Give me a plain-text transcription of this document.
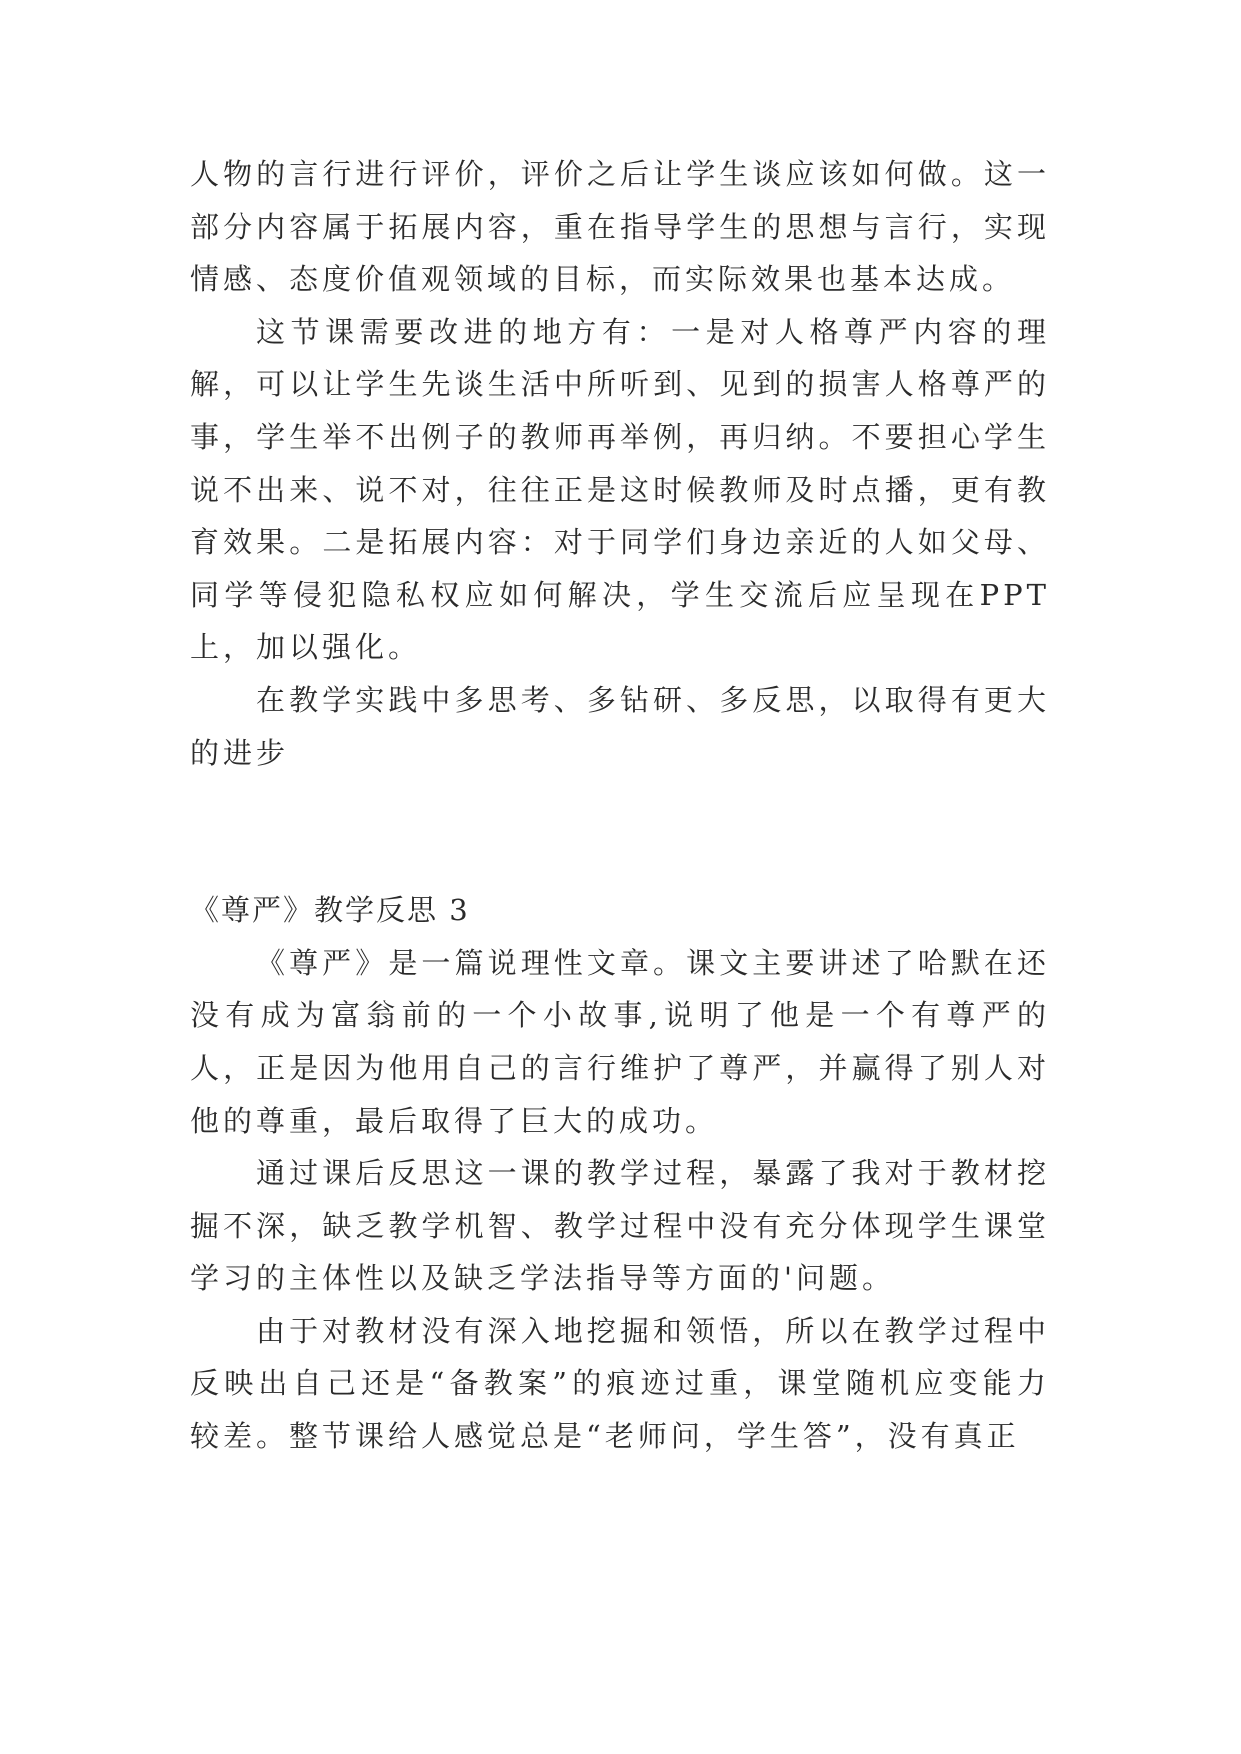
人物的言行进行评价，评价之后让学生谈应该如何做。这一部分内容属于拓展内容，重在指导学生的思想与言行，实现情感、态度价值观领域的目标，而实际效果也基本达成。

这节课需要改进的地方有：一是对人格尊严内容的理解，可以让学生先谈生活中所听到、见到的损害人格尊严的事，学生举不出例子的教师再举例，再归纳。不要担心学生说不出来、说不对，往往正是这时候教师及时点播，更有教育效果。二是拓展内容：对于同学们身边亲近的人如父母、同学等侵犯隐私权应如何解决，学生交流后应呈现在PPT上，加以强化。

在教学实践中多思考、多钻研、多反思，以取得有更大的进步

《尊严》教学反思 3

《尊严》是一篇说理性文章。课文主要讲述了哈默在还没有成为富翁前的一个小故事,说明了他是一个有尊严的人，正是因为他用自己的言行维护了尊严，并赢得了别人对他的尊重，最后取得了巨大的成功。

通过课后反思这一课的教学过程，暴露了我对于教材挖掘不深，缺乏教学机智、教学过程中没有充分体现学生课堂学习的主体性以及缺乏学法指导等方面的'问题。

由于对教材没有深入地挖掘和领悟，所以在教学过程中反映出自己还是“备教案”的痕迹过重，课堂随机应变能力较差。整节课给人感觉总是“老师问，学生答”，没有真正
